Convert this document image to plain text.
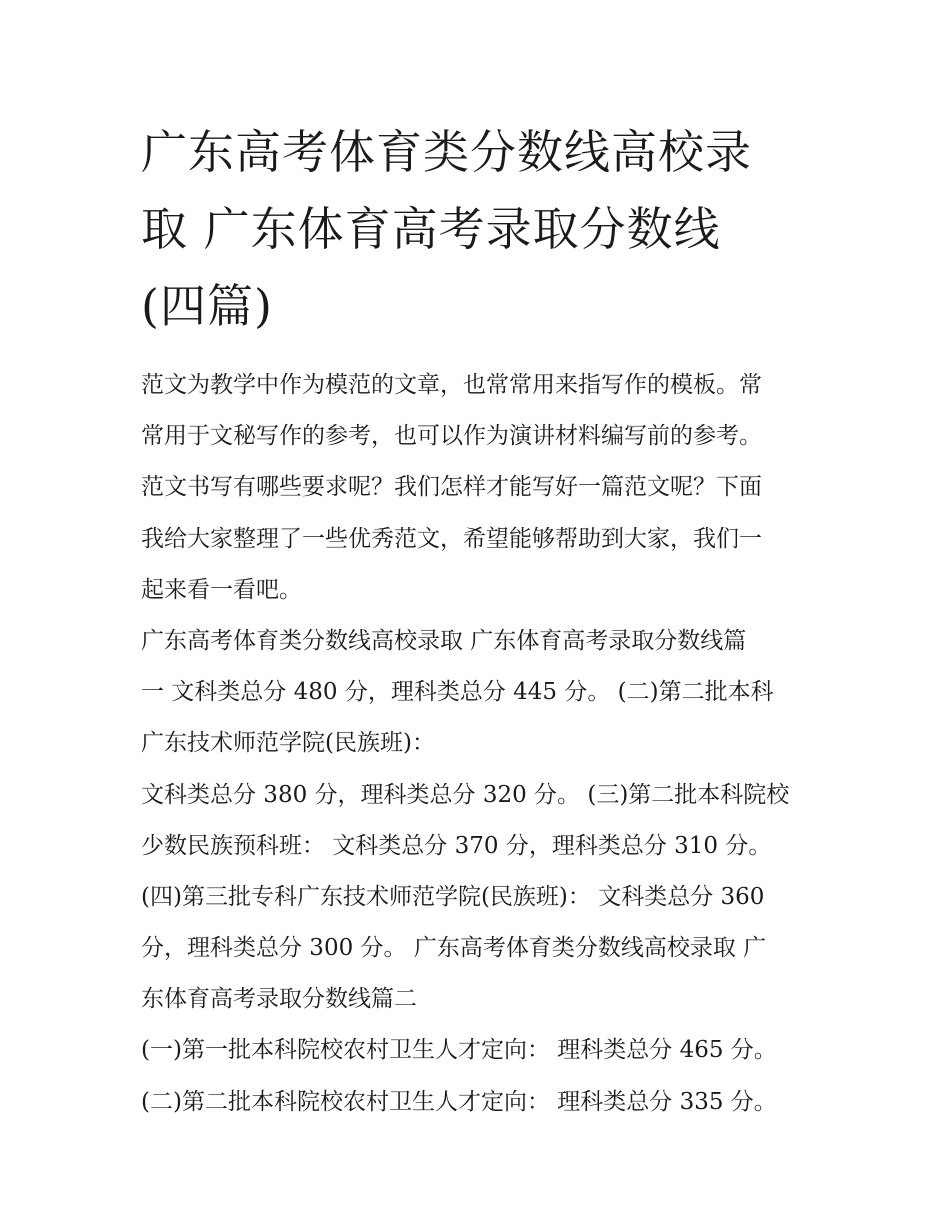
广东高考体育类分数线高校录
取 广东体育高考录取分数线
(四篇)
范文为教学中作为模范的文章，也常常用来指写作的模板。常
常用于文秘写作的参考，也可以作为演讲材料编写前的参考。
范文书写有哪些要求呢？我们怎样才能写好一篇范文呢？下面
我给大家整理了一些优秀范文，希望能够帮助到大家，我们一
起来看一看吧。
广东高考体育类分数线高校录取 广东体育高考录取分数线篇
一 文科类总分 480 分，理科类总分 445 分。 (二)第二批本科
广东技术师范学院(民族班)：
文科类总分 380 分，理科类总分 320 分。 (三)第二批本科院校
少数民族预科班： 文科类总分 370 分，理科类总分 310 分。
(四)第三批专科广东技术师范学院(民族班)： 文科类总分 360
分，理科类总分 300 分。 广东高考体育类分数线高校录取 广
东体育高考录取分数线篇二
(一)第一批本科院校农村卫生人才定向： 理科类总分 465 分。
(二)第二批本科院校农村卫生人才定向： 理科类总分 335 分。
